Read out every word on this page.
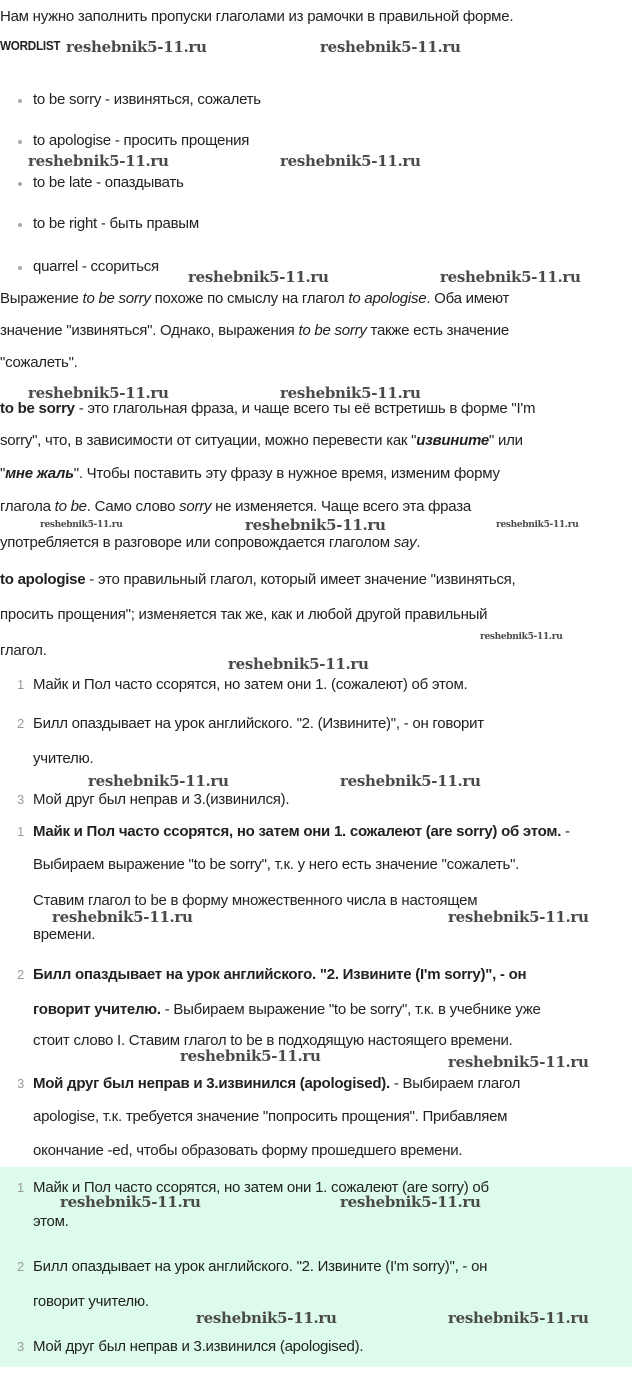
Нам нужно заполнить пропуски глаголами из рамочки в правильной форме.
WORDLIST
to be sorry - извиняться, сожалеть
to apologise - просить прощения
to be late - опаздывать
to be right - быть правым
quarrel - ссориться
Выражение to be sorry похоже по смыслу на глагол to apologise. Оба имеют
значение "извиняться". Однако, выражения to be sorry также есть значение
"сожалеть".
to be sorry - это глагольная фраза, и чаще всего ты её встретишь в форме "I'm
sorry", что, в зависимости от ситуации, можно перевести как "извините" или
"мне жаль". Чтобы поставить эту фразу в нужное время, изменим форму
глагола to be. Само слово sorry не изменяется. Чаще всего эта фраза
употребляется в разговоре или сопровождается глаголом say.
to apologise - это правильный глагол, который имеет значение "извиняться,
просить прощения"; изменяется так же, как и любой другой правильный
глагол.
1 Майк и Пол часто ссорятся, но затем они 1. (сожалеют) об этом.
2 Билл опаздывает на урок английского. "2. (Извините)", - он говорит
учителю.
3 Мой друг был неправ и 3.(извинился).
1 Майк и Пол часто ссорятся, но затем они 1. сожалеют (are sorry) об этом. -
Выбираем выражение "to be sorry", т.к. у него есть значение "сожалеть".
Ставим глагол to be в форму множественного числа в настоящем
времени.
2 Билл опаздывает на урок английского. "2. Извините (I'm sorry)", - он
говорит учителю. - Выбираем выражение "to be sorry", т.к. в учебнике уже
стоит слово I. Ставим глагол to be в подходящую настоящего времени.
3 Мой друг был неправ и 3.извинился (apologised). - Выбираем глагол
apologise, т.к. требуется значение "попросить прощения". Прибавляем
окончание -ed, чтобы образовать форму прошедшего времени.
1 Майк и Пол часто ссорятся, но затем они 1. сожалеют (are sorry) об
этом.
2 Билл опаздывает на урок английского. "2. Извините (I'm sorry)", - он
говорит учителю.
3 Мой друг был неправ и 3.извинился (apologised).
reshebnik5-11.ru	reshebnik5-11.ru
reshebnik5-11.ru	reshebnik5-11.ru
reshebnik5-11.ru	reshebnik5-11.ru
reshebnik5-11.ru	reshebnik5-11.ru
reshebnik5-11.ru
reshebnik5-11.ru
reshebnik5-11.ru	reshebnik5-11.ru
reshebnik5-11.ru	reshebnik5-11.ru
reshebnik5-11.ru	reshebnik5-11.ru
reshebnik5-11.ru	reshebnik5-11.ru
reshebnik5-11.ru	reshebnik5-11.ru
reshebnik5-11.ru	reshebnik5-11.ru
reshebnik5-11.ru
